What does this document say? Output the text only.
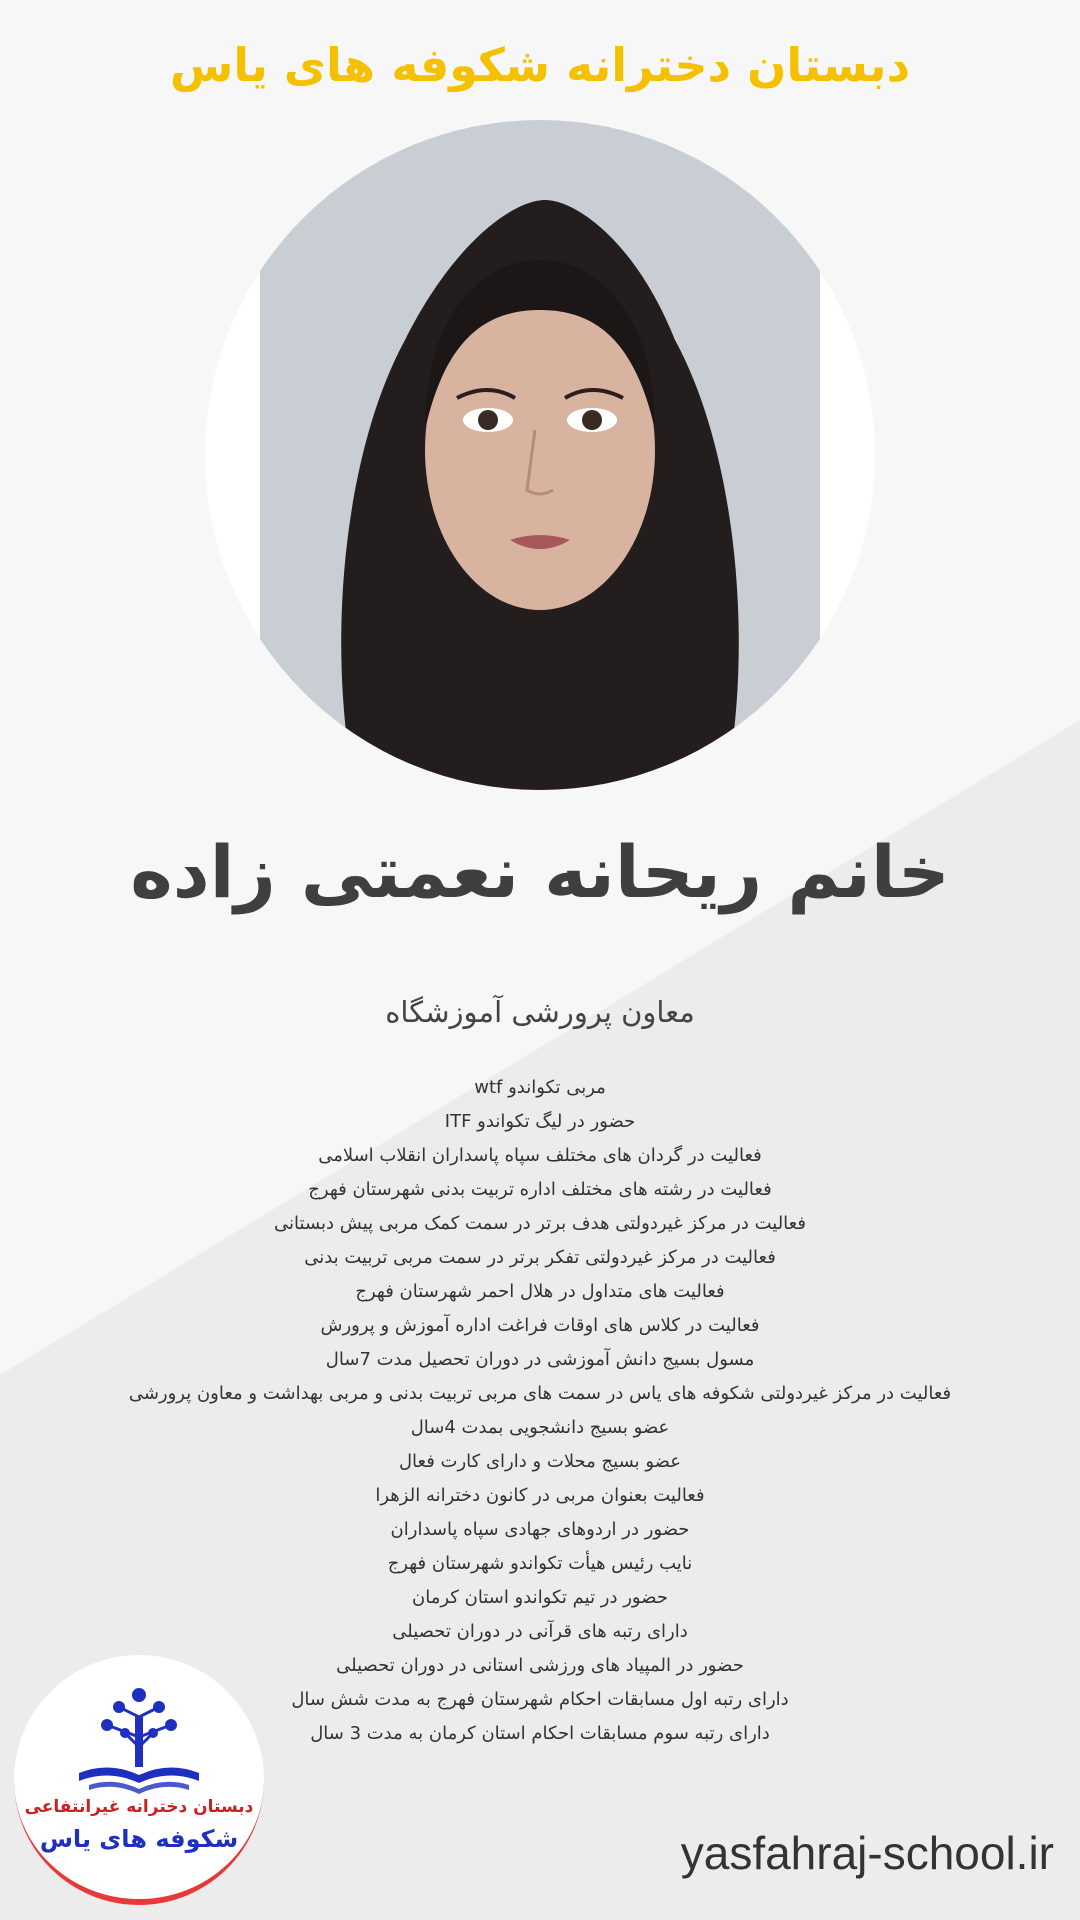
دبستان دخترانه شکوفه های یاس
خانم ریحانه نعمتی زاده
معاون پرورشی آموزشگاه
مربی تکواندو wtf
حضور در لیگ تکواندو ITF
فعالیت در گردان های مختلف سپاه پاسداران انقلاب اسلامی
فعالیت در رشته های مختلف اداره تربیت بدنی شهرستان فهرج
فعالیت در مرکز غیردولتی هدف برتر در سمت کمک مربی پیش دبستانی
فعالیت در مرکز غیردولتی تفکر برتر در سمت مربی تربیت بدنی
فعالیت های متداول در هلال احمر شهرستان فهرج
فعالیت در کلاس های اوقات فراغت اداره آموزش و پرورش
مسول بسیج دانش آموزشی در دوران تحصیل مدت 7سال
فعالیت در مرکز غیردولتی شکوفه های یاس در سمت های مربی تربیت بدنی و مربی بهداشت و معاون پرورشی
عضو بسیج دانشجویی بمدت 4سال
عضو بسیج محلات و دارای کارت فعال
فعالیت بعنوان مربی در کانون دخترانه الزهرا
حضور در اردوهای جهادی سپاه پاسداران
نایب رئیس هیأت تکواندو شهرستان فهرج
حضور در تیم تکواندو استان کرمان
دارای رتبه های قرآنی در دوران تحصیلی
حضور در المپیاد های ورزشی استانی در دوران تحصیلی
دارای رتبه اول مسابقات احکام شهرستان فهرج به مدت شش سال
دارای رتبه سوم مسابقات احکام استان کرمان به مدت 3 سال
دبستان دخترانه غیرانتفاعی
شکوفه های یاس	yasfahraj-school.ir
